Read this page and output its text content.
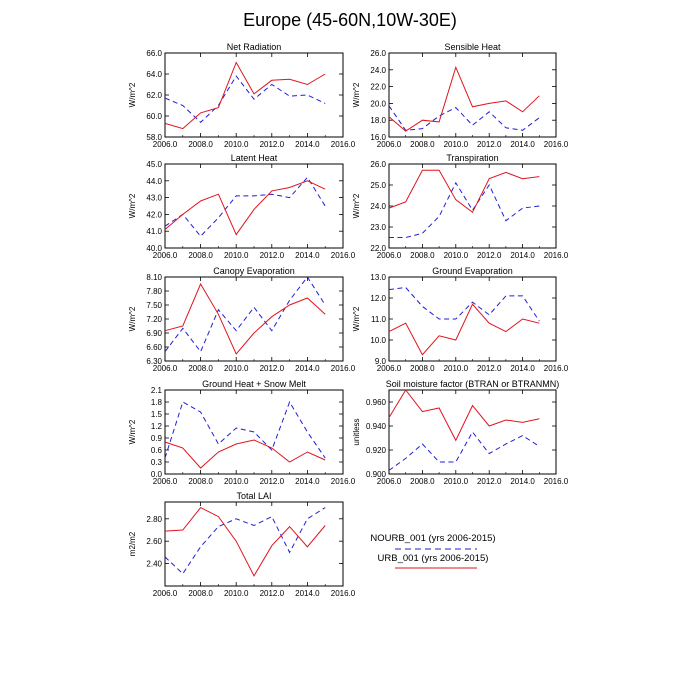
Europe (45-60N,10W-30E)
Net Radiation
W/m^2
2006.0 2008.0 2010.0 2012.0 2014.0 2016.0
58.0
60.0
62.0
64.0
66.0
Sensible Heat
W/m^2
2006.0 2008.0 2010.0 2012.0 2014.0 2016.0
16.0
18.0
20.0
22.0
24.0
26.0
Latent Heat
W/m^2
2006.0 2008.0 2010.0 2012.0 2014.0 2016.0
40.0
41.0
42.0
43.0
44.0
45.0
Transpiration
W/m^2
2006.0 2008.0 2010.0 2012.0 2014.0 2016.0
22.0
23.0
24.0
25.0
26.0
Canopy Evaporation
W/m^2
2006.0 2008.0 2010.0 2012.0 2014.0 2016.0
6.30
6.60
6.90
7.20
7.50
7.80
8.10
Ground Evaporation
W/m^2
2006.0 2008.0 2010.0 2012.0 2014.0 2016.0
9.0
10.0
11.0
12.0
13.0
Ground Heat + Snow Melt
W/m^2
2006.0 2008.0 2010.0 2012.0 2014.0 2016.0
0.0
0.3
0.6
0.9
1.2
1.5
1.8
2.1
Soil moisture factor (BTRAN or BTRANMN)
unitless
2006.0 2008.0 2010.0 2012.0 2014.0 2016.0
0.900
0.920
0.940
0.960
Total LAI
m2/m2
2006.0 2008.0 2010.0 2012.0 2014.0 2016.0
2.40
2.60
2.80
NOURB_001 (yrs 2006-2015)
URB_001 (yrs 2006-2015)
